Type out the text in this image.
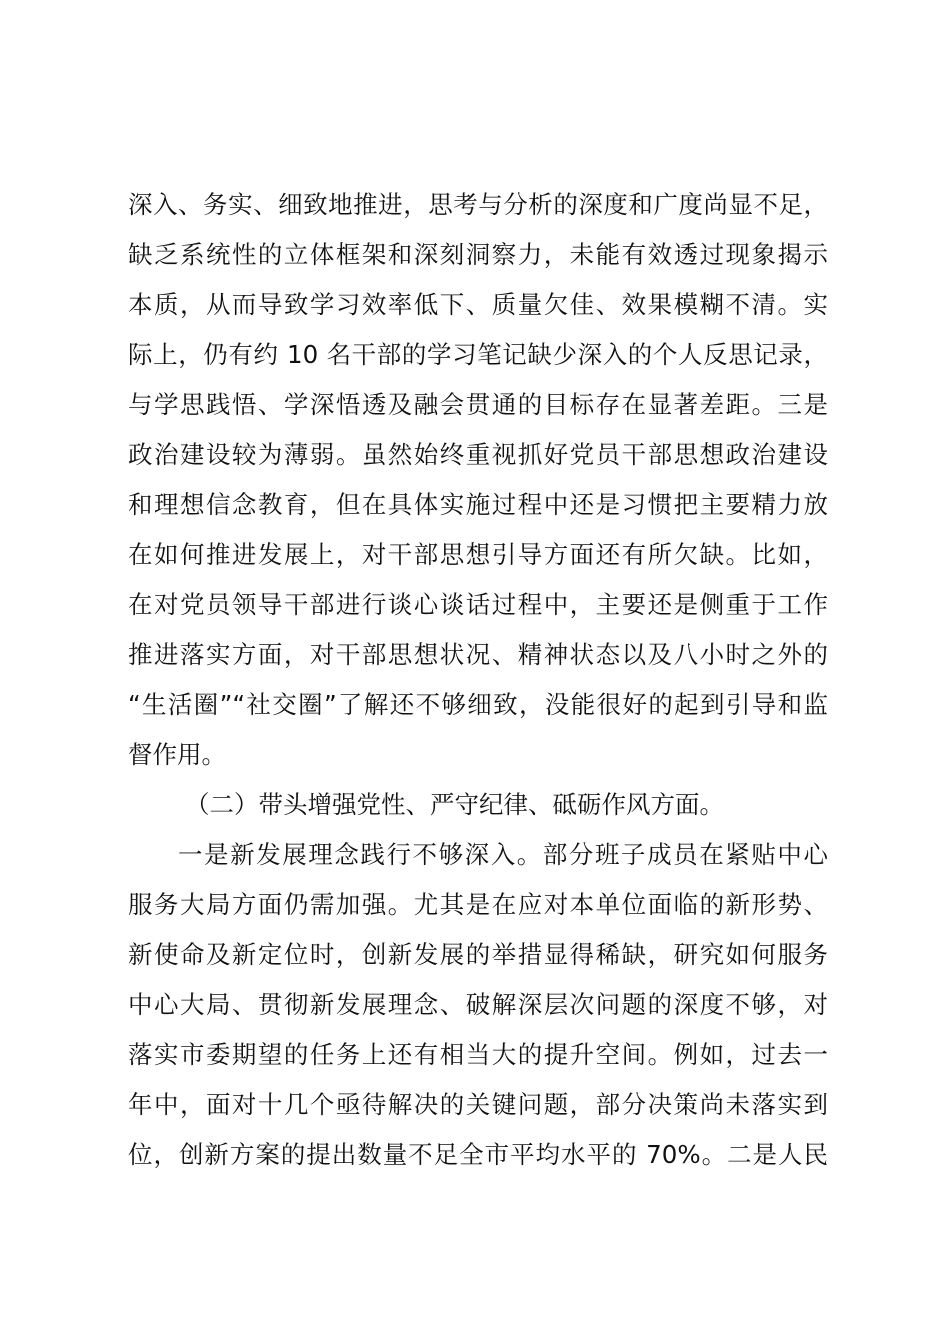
深入、务实、细致地推进，思考与分析的深度和广度尚显不足，
缺乏系统性的立体框架和深刻洞察力，未能有效透过现象揭示
本质，从而导致学习效率低下、质量欠佳、效果模糊不清。实
际上，仍有约 10 名干部的学习笔记缺少深入的个人反思记录，
与学思践悟、学深悟透及融会贯通的目标存在显著差距。三是
政治建设较为薄弱。虽然始终重视抓好党员干部思想政治建设
和理想信念教育，但在具体实施过程中还是习惯把主要精力放
在如何推进发展上，对干部思想引导方面还有所欠缺。比如，
在对党员领导干部进行谈心谈话过程中，主要还是侧重于工作
推进落实方面，对干部思想状况、精神状态以及八小时之外的
“生活圈”“社交圈”了解还不够细致，没能很好的起到引导和监
督作用。
（二）带头增强党性、严守纪律、砥砺作风方面。
一是新发展理念践行不够深入。部分班子成员在紧贴中心
服务大局方面仍需加强。尤其是在应对本单位面临的新形势、
新使命及新定位时，创新发展的举措显得稀缺，研究如何服务
中心大局、贯彻新发展理念、破解深层次问题的深度不够，对
落实市委期望的任务上还有相当大的提升空间。例如，过去一
年中，面对十几个亟待解决的关键问题，部分决策尚未落实到
位，创新方案的提出数量不足全市平均水平的 70%。二是人民
